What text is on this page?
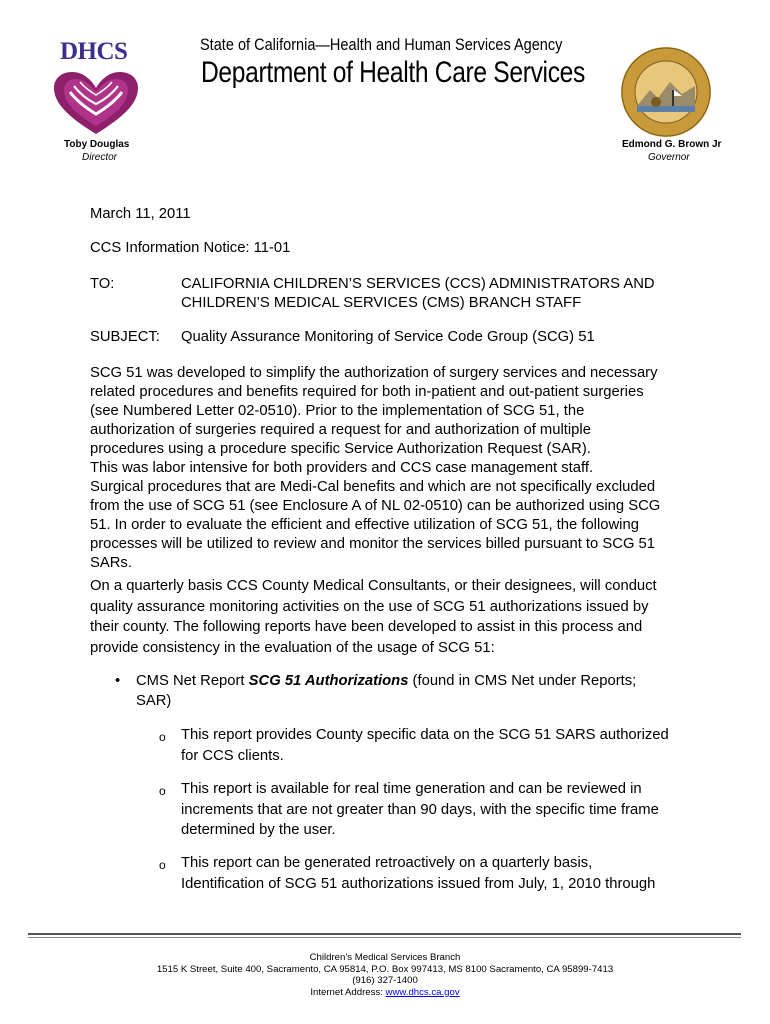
DHCS	State of California—Health and Human Services Agency
Department of Health Care Services
Toby Douglas
Director
Edmond G. Brown Jr
Governor
March 11, 2011
CCS Information Notice: 11-01
TO:	CALIFORNIA CHILDREN’S SERVICES (CCS) ADMINISTRATORS AND
CHILDREN’S MEDICAL SERVICES (CMS) BRANCH STAFF
SUBJECT: Quality Assurance Monitoring of Service Code Group (SCG) 51
SCG 51 was developed to simplify the authorization of surgery services and necessary
related procedures and benefits required for both in-patient and out-patient surgeries
(see Numbered Letter 02-0510). Prior to the implementation of SCG 51, the
authorization of surgeries required a request for and authorization of multiple
procedures using a procedure specific Service Authorization Request (SAR).
This was labor intensive for both providers and CCS case management staff.
Surgical procedures that are Medi-Cal benefits and which are not specifically excluded
from the use of SCG 51 (see Enclosure A of NL 02-0510) can be authorized using SCG
51. In order to evaluate the efficient and effective utilization of SCG 51, the following
processes will be utilized to review and monitor the services billed pursuant to SCG 51
SARs.
On a quarterly basis CCS County Medical Consultants, or their designees, will conduct
quality assurance monitoring activities on the use of SCG 51 authorizations issued by
their county. The following reports have been developed to assist in this process and
provide consistency in the evaluation of the usage of SCG 51:
• CMS Net Report SCG 51 Authorizations (found in CMS Net under Reports;
SAR)
o This report provides County specific data on the SCG 51 SARS authorized
for CCS clients.
o This report is available for real time generation and can be reviewed in
increments that are not greater than 90 days, with the specific time frame
determined by the user.
o This report can be generated retroactively on a quarterly basis,
Identification of SCG 51 authorizations issued from July, 1, 2010 through
Children’s Medical Services Branch
1515 K Street, Suite 400, Sacramento, CA 95814, P.O. Box 997413, MS 8100 Sacramento, CA 95899-7413
(916) 327-1400
Internet Address: www.dhcs.ca.gov
